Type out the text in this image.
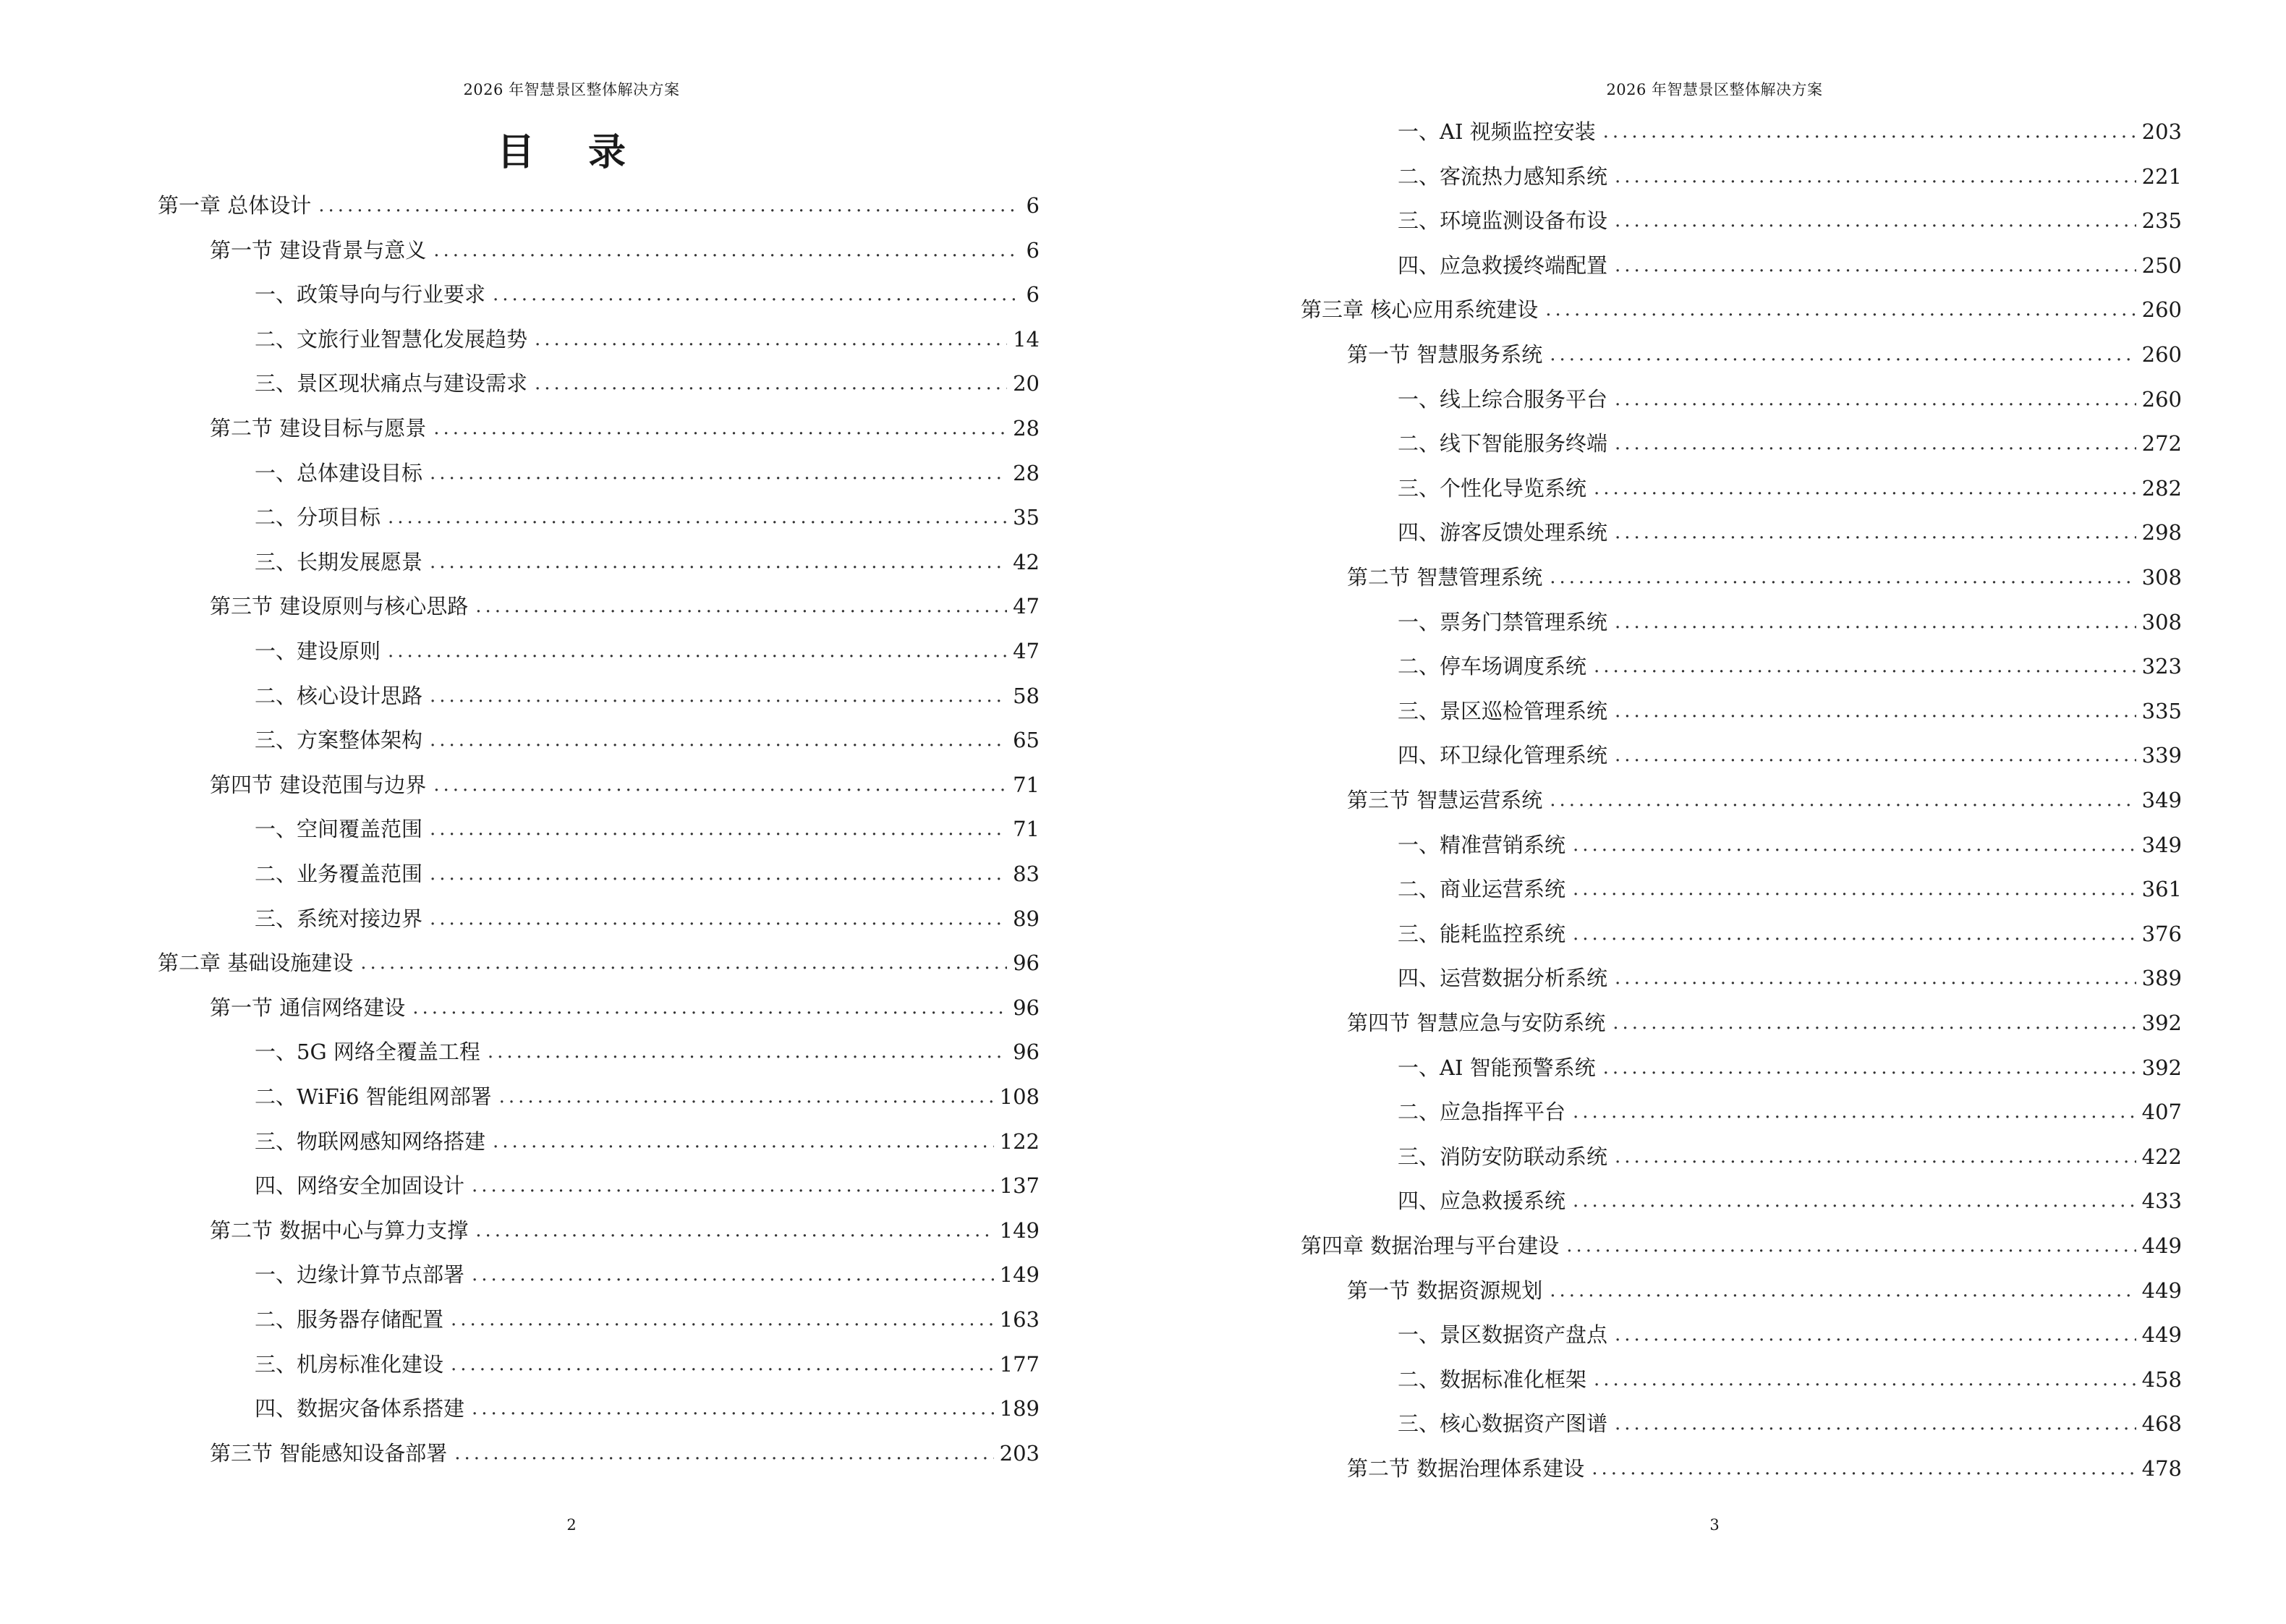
2026 年智慧景区整体解决方案
目 录
第一章 总体设计 .....	6
第一节 建设背景与意义 .....	6
一、政策导向与行业要求 .....	6
二、文旅行业智慧化发展趋势 .....	14
三、景区现状痛点与建设需求 .....	20
第二节 建设目标与愿景 .....	28
一、总体建设目标 .....	28
二、分项目标 .....	35
三、长期发展愿景 .....	42
第三节 建设原则与核心思路 .....	47
一、建设原则 .....	47
二、核心设计思路 .....	58
三、方案整体架构 .....	65
第四节 建设范围与边界 .....	71
一、空间覆盖范围 .....	71
二、业务覆盖范围 .....	83
三、系统对接边界 .....	89
第二章 基础设施建设 .....	96
第一节 通信网络建设 .....	96
一、5G 网络全覆盖工程 .....	96
二、WiFi6 智能组网部署 .....	108
三、物联网感知网络搭建 .....	122
四、网络安全加固设计 .....	137
第二节 数据中心与算力支撑 .....	149
一、边缘计算节点部署 .....	149
二、服务器存储配置 .....	163
三、机房标准化建设 .....	177
四、数据灾备体系搭建 .....	189
第三节 智能感知设备部署 .....	203
2
2026 年智慧景区整体解决方案
一、AI 视频监控安装 .....	203
二、客流热力感知系统 .....	221
三、环境监测设备布设 .....	235
四、应急救援终端配置 .....	250
第三章 核心应用系统建设 .....	260
第一节 智慧服务系统 .....	260
一、线上综合服务平台 .....	260
二、线下智能服务终端 .....	272
三、个性化导览系统 .....	282
四、游客反馈处理系统 .....	298
第二节 智慧管理系统 .....	308
一、票务门禁管理系统 .....	308
二、停车场调度系统 .....	323
三、景区巡检管理系统 .....	335
四、环卫绿化管理系统 .....	339
第三节 智慧运营系统 .....	349
一、精准营销系统 .....	349
二、商业运营系统 .....	361
三、能耗监控系统 .....	376
四、运营数据分析系统 .....	389
第四节 智慧应急与安防系统 .....	392
一、AI 智能预警系统 .....	392
二、应急指挥平台 .....	407
三、消防安防联动系统 .....	422
四、应急救援系统 .....	433
第四章 数据治理与平台建设 .....	449
第一节 数据资源规划 .....	449
一、景区数据资产盘点 .....	449
二、数据标准化框架 .....	458
三、核心数据资产图谱 .....	468
第二节 数据治理体系建设 .....	478
3
